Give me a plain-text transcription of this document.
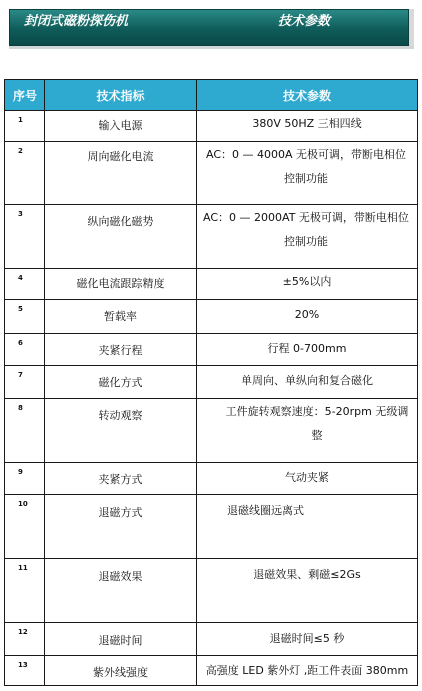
封闭式磁粉探伤机	技术参数
序号	技术指标	技术参数
1	输入电源	380V 50HZ 三相四线
2	周向磁化电流	AC：0 — 4000A 无极可调，带断电相位控制功能
3	纵向磁化磁势	AC：0 — 2000AT 无极可调，带断电相位控制功能
4	磁化电流跟踪精度	±5%以内
5	暂载率	20%
6	夹紧行程	行程 0-700mm
7	磁化方式	单周向、单纵向和复合磁化
8	转动观察	工件旋转观察速度：5-20rpm 无级调整
9	夹紧方式	气动夹紧
10	退磁方式	退磁线圈远离式
11	退磁效果	退磁效果、剩磁≤2Gs
12	退磁时间	退磁时间≤5 秒
13	紫外线强度	高强度 LED 紫外灯 ,距工件表面 380mm
